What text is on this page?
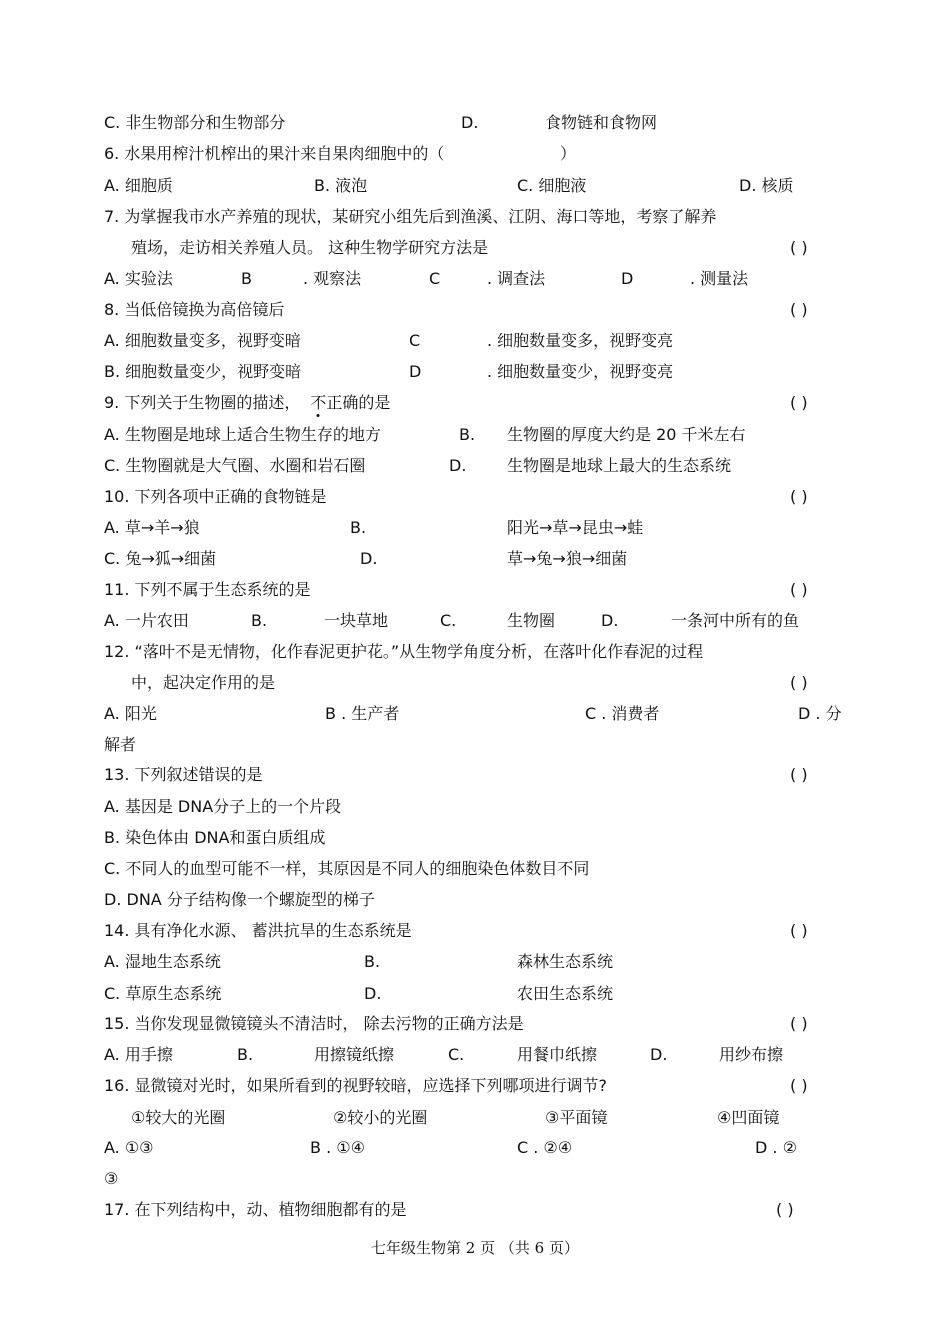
C. 非生物部分和生物部分	D.	食物链和食物网
6. 水果用榨汁机榨出的果汁来自果肉细胞中的（	）
A. 细胞质	B. 液泡	C. 细胞液	D. 核质
7. 为掌握我市水产养殖的现状，某研究小组先后到渔溪、江阴、海口等地，考察了解养
殖场，走访相关养殖人员。 这种生物学研究方法是	( )
A. 实验法	B	. 观察法	C	. 调查法	D	. 测量法
8. 当低倍镜换为高倍镜后	( )
A. 细胞数量变多，视野变暗	C	. 细胞数量变多，视野变亮
B. 细胞数量变少，视野变暗	D	. 细胞数量变少，视野变亮
9. 下列关于生物圈的描述， 不正确的是	( )
A. 生物圈是地球上适合生物生存的地方	B. 生物圈的厚度大约是 20 千米左右
C. 生物圈就是大气圈、水圈和岩石圈	D.	生物圈是地球上最大的生态系统
10. 下列各项中正确的食物链是	( )
A. 草→羊→狼	B.	阳光→草→昆虫→蛙
C. 兔→狐→细菌	D.	草→兔→狼→细菌
11. 下列不属于生态系统的是	( )
A. 一片农田	B.	一块草地	C.	生物圈	D.	一条河中所有的鱼
12. “落叶不是无情物，化作春泥更护花。”从生物学角度分析，在落叶化作春泥的过程
中，起决定作用的是	( )
A. 阳光	B . 生产者	C . 消费者	D . 分
解者
13. 下列叙述错误的是	( )
A. 基因是 DNA分子上的一个片段
B. 染色体由 DNA和蛋白质组成
C. 不同人的血型可能不一样，其原因是不同人的细胞染色体数目不同
D. DNA 分子结构像一个螺旋型的梯子
14. 具有净化水源、 蓄洪抗旱的生态系统是	( )
A. 湿地生态系统	B.	森林生态系统
C. 草原生态系统	D.	农田生态系统
15. 当你发现显微镜镜头不清洁时， 除去污物的正确方法是	( )
A. 用手擦	B.	用擦镜纸擦	C.	用餐巾纸擦	D.	用纱布擦
16. 显微镜对光时，如果所看到的视野较暗，应选择下列哪项进行调节?	( )
①较大的光圈	②较小的光圈	③平面镜	④凹面镜
A. ①③	B . ①④	C . ②④	D . ②
③
17. 在下列结构中，动、植物细胞都有的是	( )
七年级生物第 2 页 （共 6 页）
